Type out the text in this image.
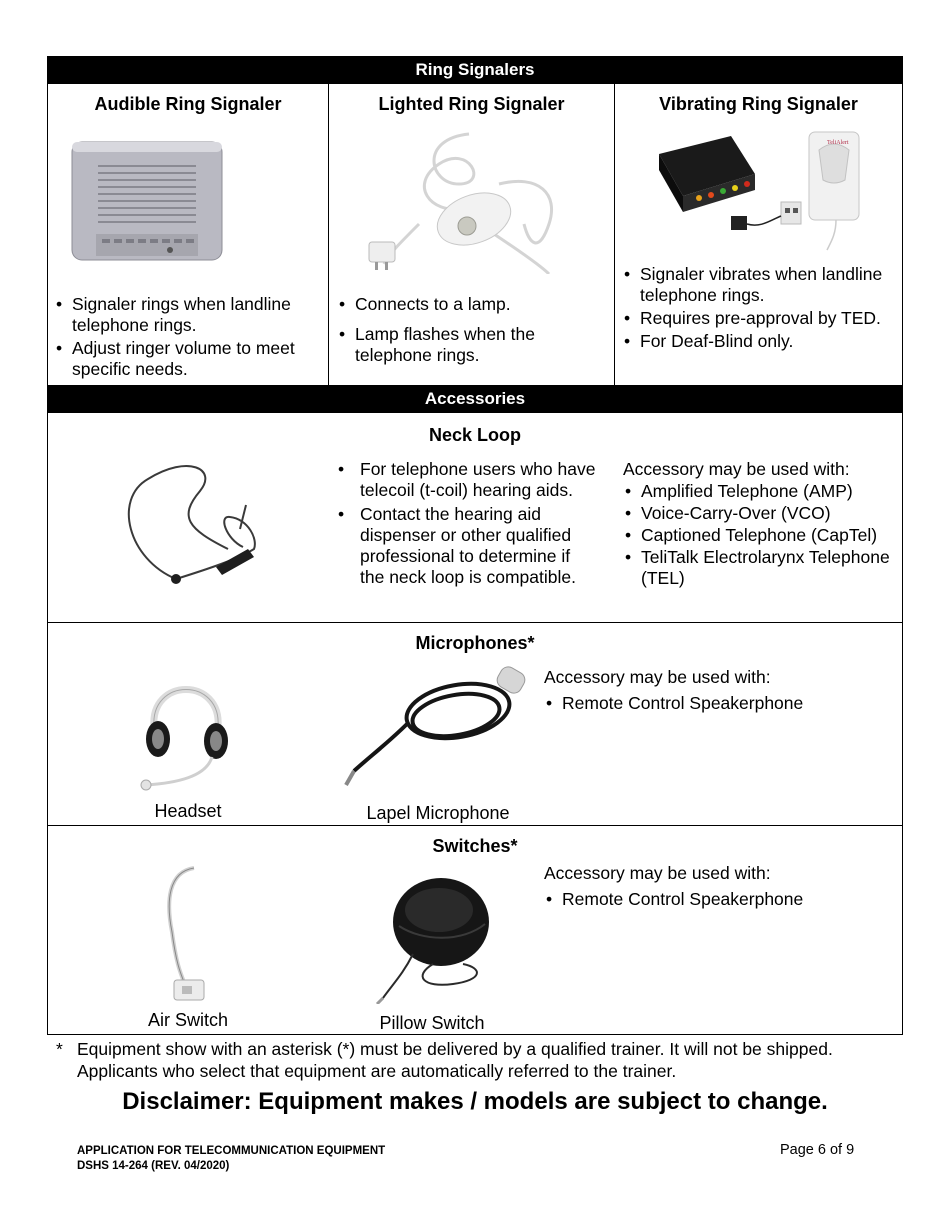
Ring Signalers
Audible Ring Signaler
• Signaler rings when landline telephone rings.
• Adjust ringer volume to meet specific needs.
Lighted Ring Signaler
• Connects to a lamp.
• Lamp flashes when the telephone rings.
Vibrating Ring Signaler
TeliAlert
• Signaler vibrates when landline telephone rings.
• Requires pre-approval by TED.
• For Deaf-Blind only.
Accessories
Neck Loop
• For telephone users who have telecoil (t-coil) hearing aids.
• Contact the hearing aid dispenser or other qualified professional to determine if the neck loop is compatible.
Accessory may be used with:
• Amplified Telephone (AMP)
• Voice-Carry-Over (VCO)
• Captioned Telephone (CapTel)
• TeliTalk Electrolarynx Telephone (TEL)
Microphones*
Headset	Lapel Microphone
Accessory may be used with:
• Remote Control Speakerphone
Switches*
Air Switch	Pillow Switch
Accessory may be used with:
• Remote Control Speakerphone
* Equipment show with an asterisk (*) must be delivered by a qualified trainer. It will not be shipped. Applicants who select that equipment are automatically referred to the trainer.
Disclaimer: Equipment makes / models are subject to change.
APPLICATION FOR TELECOMMUNICATION EQUIPMENT
DSHS 14-264 (REV. 04/2020)
Page 6 of 9
